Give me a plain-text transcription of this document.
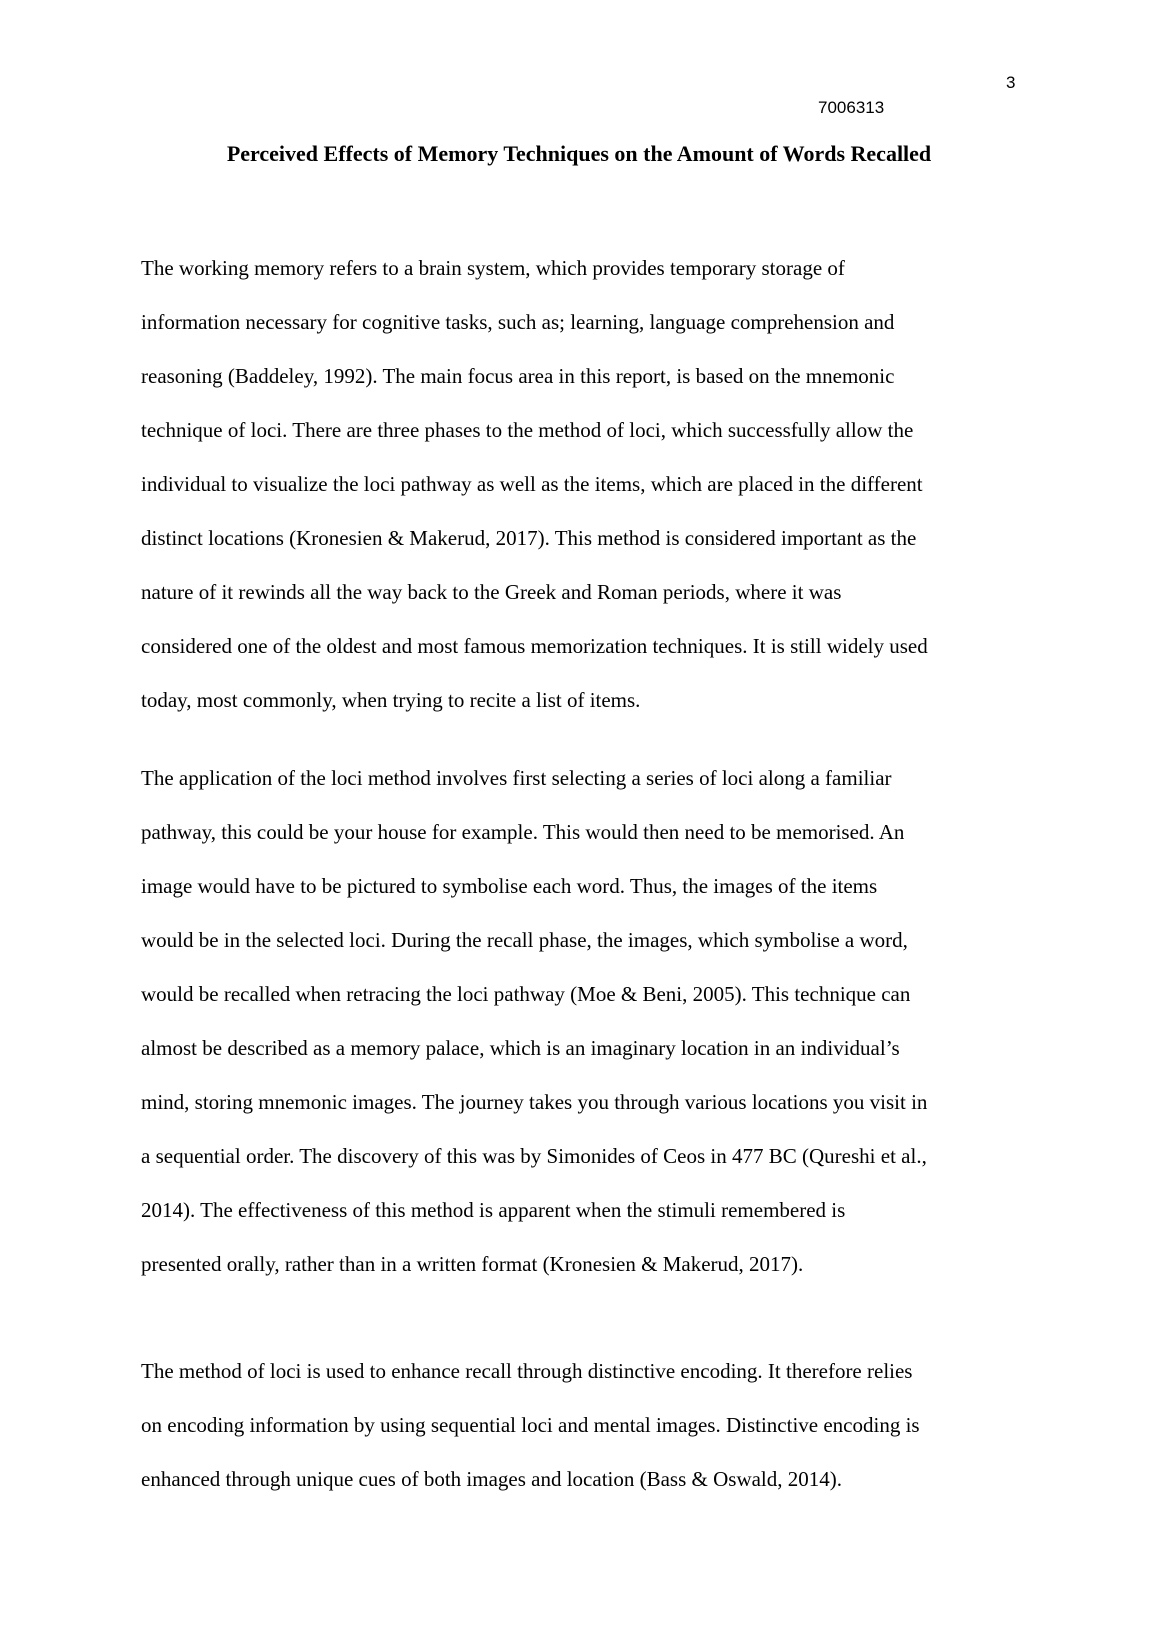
3
7006313
Perceived Effects of Memory Techniques on the Amount of Words Recalled
The working memory refers to a brain system, which provides temporary storage of
information necessary for cognitive tasks, such as; learning, language comprehension and
reasoning (Baddeley, 1992). The main focus area in this report, is based on the mnemonic
technique of loci. There are three phases to the method of loci, which successfully allow the
individual to visualize the loci pathway as well as the items, which are placed in the different
distinct locations (Kronesien & Makerud, 2017). This method is considered important as the
nature of it rewinds all the way back to the Greek and Roman periods, where it was
considered one of the oldest and most famous memorization techniques. It is still widely used
today, most commonly, when trying to recite a list of items.
The application of the loci method involves first selecting a series of loci along a familiar
pathway, this could be your house for example. This would then need to be memorised. An
image would have to be pictured to symbolise each word. Thus, the images of the items
would be in the selected loci. During the recall phase, the images, which symbolise a word,
would be recalled when retracing the loci pathway (Moe & Beni, 2005). This technique can
almost be described as a memory palace, which is an imaginary location in an individual’s
mind, storing mnemonic images. The journey takes you through various locations you visit in
a sequential order. The discovery of this was by Simonides of Ceos in 477 BC (Qureshi et al.,
2014). The effectiveness of this method is apparent when the stimuli remembered is
presented orally, rather than in a written format (Kronesien & Makerud, 2017).
The method of loci is used to enhance recall through distinctive encoding. It therefore relies
on encoding information by using sequential loci and mental images. Distinctive encoding is
enhanced through unique cues of both images and location (Bass & Oswald, 2014).
